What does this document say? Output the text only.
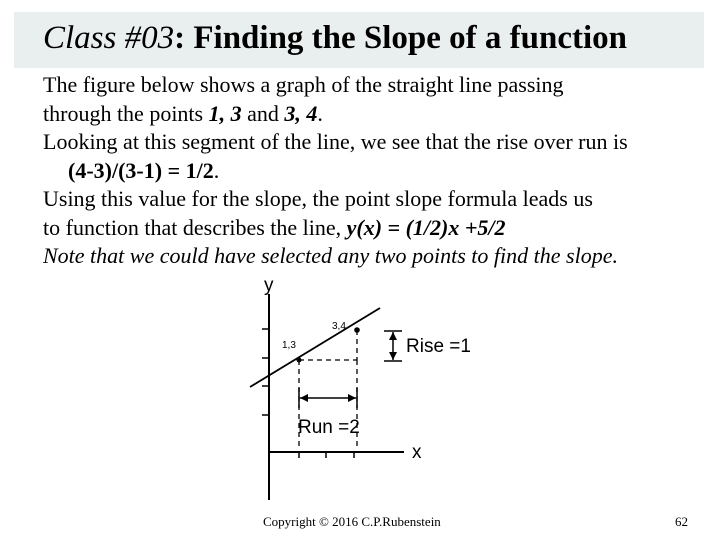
Class #03: Finding the Slope of a function
The figure below shows a graph of the straight line passing
through the points 1, 3 and 3, 4.
Looking at this segment of the line, we see that the rise over run is
(4-3)/(3-1) = 1/2.
Using this value for the slope, the point slope formula leads us
to function that describes the line, y(x) = (1/2)x +5/2
Note that we could have selected any two points to find the slope.
y
x
1,3
3,4
Rise =1
Run =2
Copyright © 2016 C.P.Rubenstein	62
